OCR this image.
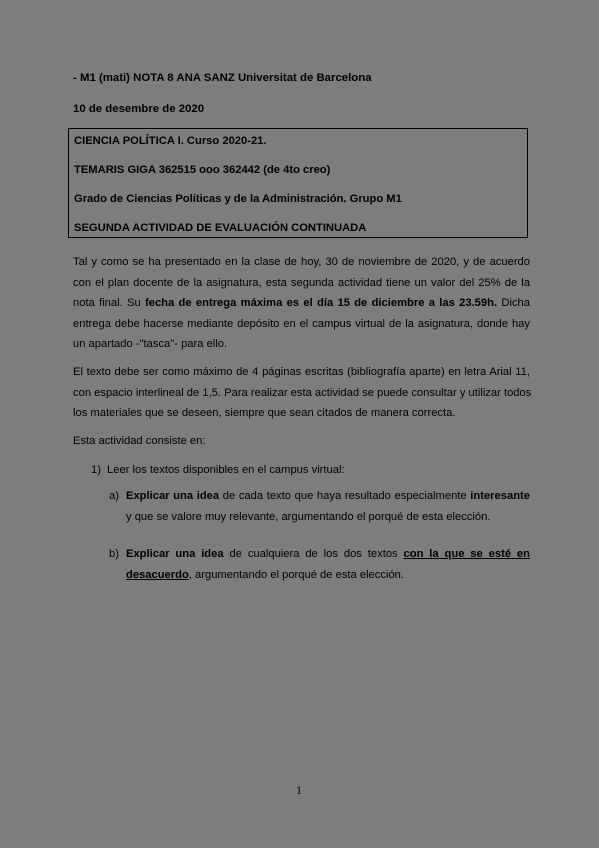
- M1 (mati) NOTA 8 ANA SANZ Universitat de Barcelona
10 de desembre de 2020
CIENCIA POLÍTICA I. Curso 2020-21.
TEMARIS GIGA 362515 ooo 362442 (de 4to creo)
Grado de Ciencias Políticas y de la Administración. Grupo M1
SEGUNDA ACTIVIDAD DE EVALUACIÓN CONTINUADA
Tal y como se ha presentado en la clase de hoy, 30 de noviembre de 2020, y de acuerdo
con el plan docente de la asignatura, esta segunda actividad tiene un valor del 25% de la
nota final. Su fecha de entrega máxima es el día 15 de diciembre a las 23.59h. Dicha
entrega debe hacerse mediante depósito en el campus virtual de la asignatura, donde hay
un apartado -"tasca"- para ello.
El texto debe ser como máximo de 4 páginas escritas (bibliografía aparte) en letra Arial 11,
con espacio interlineal de 1,5. Para realizar esta actividad se puede consultar y utilizar todos
los materiales que se deseen, siempre que sean citados de manera correcta.
Esta actividad consiste en:
1) Leer los textos disponibles en el campus virtual:
a) Explicar una idea de cada texto que haya resultado especialmente interesante
y que se valore muy relevante, argumentando el porqué de esta elección.
b) Explicar una idea de cualquiera de los dos textos con la que se esté en
desacuerdo, argumentando el porqué de esta elección.
1
